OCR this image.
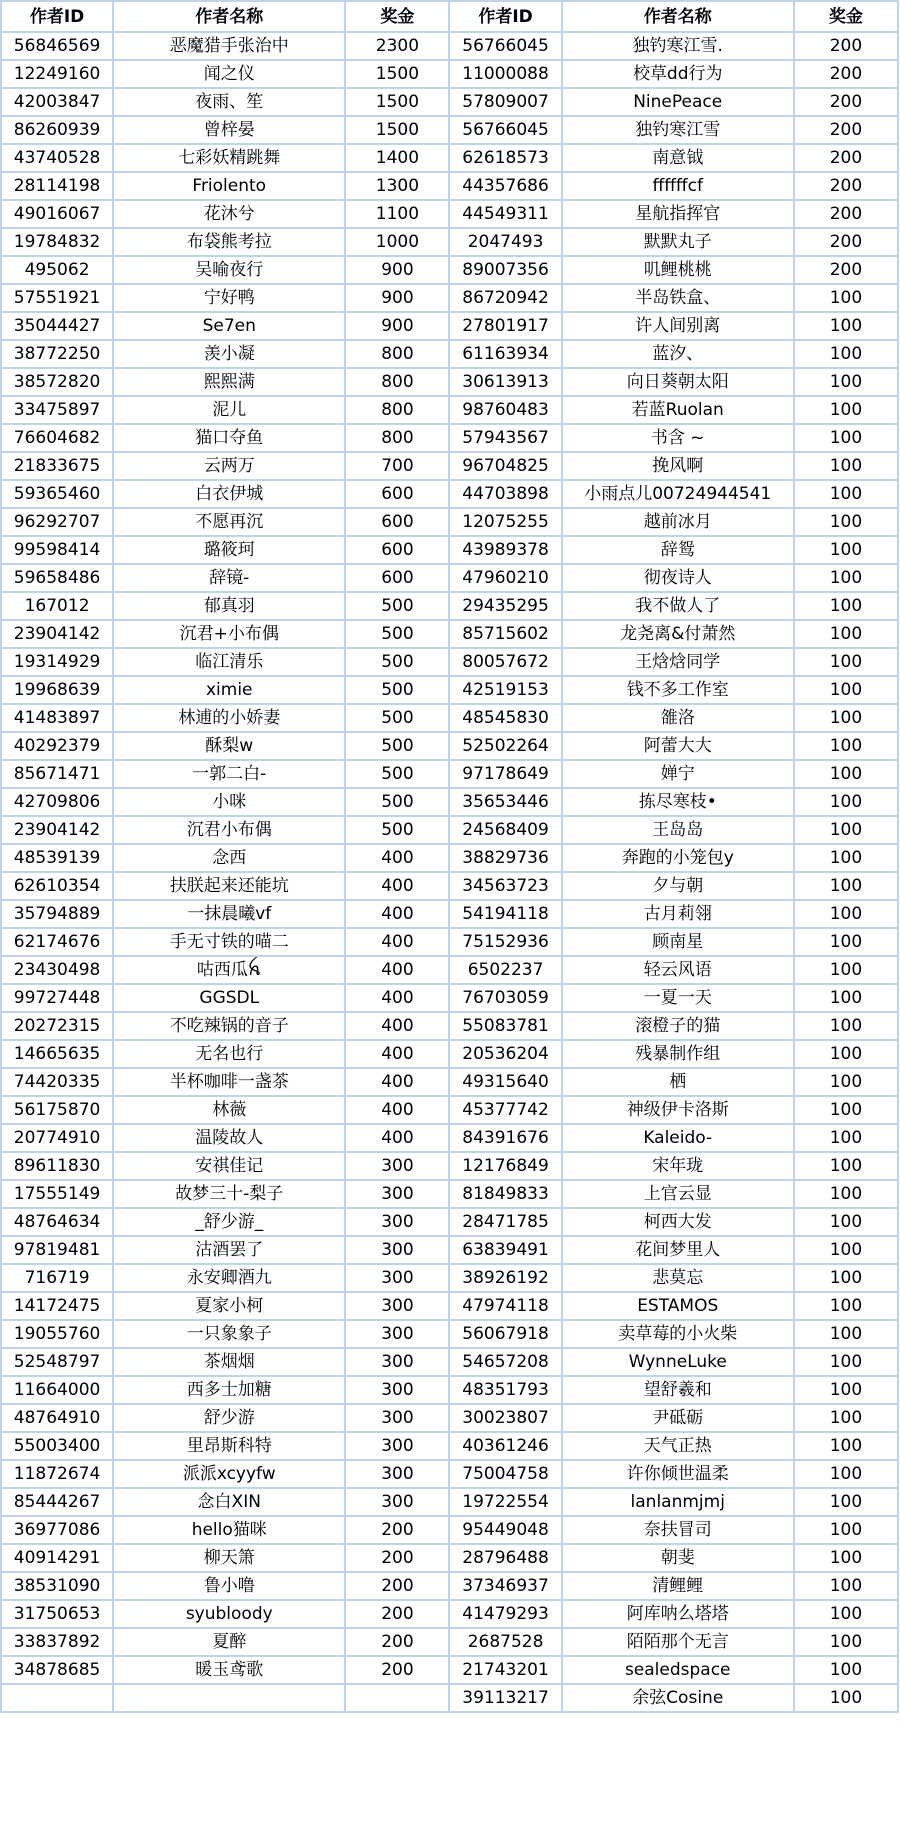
作者ID	作者名称	奖金	作者ID	作者名称	奖金
56846569	恶魔猎手张治中	2300	56766045	独钓寒江雪.	200
12249160	闻之仪	1500	11000088	校草dd行为	200
42003847	夜雨、笙	1500	57809007	NinePeace	200
86260939	曾梓晏	1500	56766045	独钓寒江雪	200
43740528	七彩妖精跳舞	1400	62618573	南意钺	200
28114198	Friolento	1300	44357686	ffffffcf	200
49016067	花沐兮	1100	44549311	星航指挥官	200
19784832	布袋熊考拉	1000	2047493	默默丸子	200
495062	吴喻夜行	900	89007356	叽鲤桃桃	200
57551921	宁好鸭	900	86720942	半岛铁盒、	100
35044427	Se7en	900	27801917	许人间别离	100
38772250	羡小凝	800	61163934	蓝汐、	100
38572820	熙熙满	800	30613913	向日葵朝太阳	100
33475897	泥儿	800	98760483	若蓝Ruolan	100
76604682	猫口夺鱼	800	57943567	书含 ~	100
21833675	云两万	700	96704825	挽风啊	100
59365460	白衣伊城	600	44703898	小雨点儿00724944541	100
96292707	不愿再沉	600	12075255	越前冰月	100
99598414	璐筱珂	600	43989378	辞鸳	100
59658486	辞镜-	600	47960210	彻夜诗人	100
167012	郁真羽	500	29435295	我不做人了	100
23904142	沉君+小布偶	500	85715602	龙尧离&付萧然	100
19314929	临江清乐	500	80057672	王焓焓同学	100
19968639	ximie	500	42519153	钱不多工作室	100
41483897	林逋的小娇妻	500	48545830	雒洛	100
40292379	酥梨w	500	52502264	阿蕾大大	100
85671471	一郭二白-	500	97178649	婵宁	100
42709806	小咪	500	35653446	拣尽寒枝•	100
23904142	沉君小布偶	500	24568409	王岛岛	100
48539139	念西	400	38829736	奔跑的小笼包y	100
62610354	扶朕起来还能坑	400	34563723	夕与朝	100
35794889	一抹晨曦vf	400	54194118	古月莉翎	100
62174676	手无寸铁的喵二	400	75152936	顾南星	100
23430498	咕西瓜ꫝ	400	6502237	轻云风语	100
99727448	GGSDL	400	76703059	一夏一天	100
20272315	不吃辣锅的音子	400	55083781	滚橙子的猫	100
14665635	无名也行	400	20536204	残暴制作组	100
74420335	半杯咖啡一盏茶	400	49315640	栖	100
56175870	林薇	400	45377742	神级伊卡洛斯	100
20774910	温陵故人	400	84391676	Kaleido-	100
89611830	安祺佳记	300	12176849	宋年珑	100
17555149	故梦三十-梨子	300	81849833	上官云显	100
48764634	_舒少游_	300	28471785	柯西大发	100
97819481	沽酒罢了	300	63839491	花间梦里人	100
716719	永安卿酒九	300	38926192	悲莫忘	100
14172475	夏家小柯	300	47974118	ESTAMOS	100
19055760	一只象象子	300	56067918	卖草莓的小火柴	100
52548797	茶烟烟	300	54657208	WynneLuke	100
11664000	西多士加糖	300	48351793	望舒羲和	100
48764910	舒少游	300	30023807	尹砥砺	100
55003400	里昂斯科特	300	40361246	天气正热	100
11872674	派派xcyyfw	300	75004758	许你倾世温柔	100
85444267	念白XIN	300	19722554	lanlanmjmj	100
36977086	hello猫咪	200	95449048	奈扶冒司	100
40914291	柳天箫	200	28796488	朝斐	100
38531090	鲁小噜	200	37346937	清鲤鲤	100
31750653	syubloody	200	41479293	阿库呐么塔塔	100
33837892	夏醉	200	2687528	陌陌那个无言	100
34878685	暖玉鸢歌	200	21743201	sealedspace	100
			39113217	余弦Cosine	100
